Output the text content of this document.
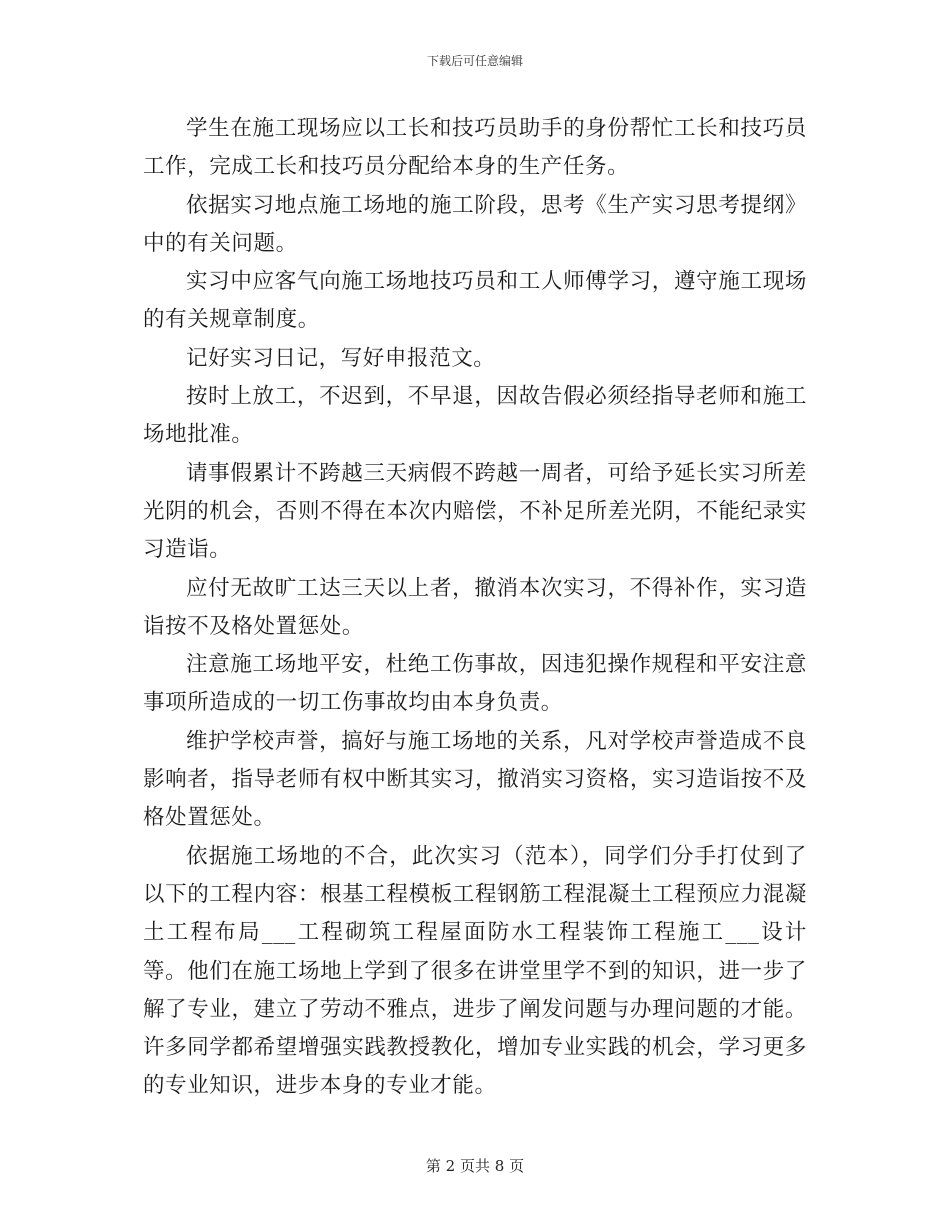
下载后可任意编辑

学生在施工现场应以工长和技巧员助手的身份帮忙工长和技巧员工作，完成工长和技巧员分配给本身的生产任务。

依据实习地点施工场地的施工阶段，思考《生产实习思考提纲》中的有关问题。

实习中应客气向施工场地技巧员和工人师傅学习，遵守施工现场的有关规章制度。

记好实习日记，写好申报范文。

按时上放工，不迟到，不早退，因故告假必须经指导老师和施工场地批准。

请事假累计不跨越三天病假不跨越一周者，可给予延长实习所差光阴的机会，否则不得在本次内赔偿，不补足所差光阴，不能纪录实习造诣。

应付无故旷工达三天以上者，撤消本次实习，不得补作，实习造诣按不及格处置惩处。

注意施工场地平安，杜绝工伤事故，因违犯操作规程和平安注意事项所造成的一切工伤事故均由本身负责。

维护学校声誉，搞好与施工场地的关系，凡对学校声誉造成不良影响者，指导老师有权中断其实习，撤消实习资格，实习造诣按不及格处置惩处。

依据施工场地的不合，此次实习（范本），同学们分手打仗到了以下的工程内容：根基工程模板工程钢筋工程混凝土工程预应力混凝土工程布局___工程砌筑工程屋面防水工程装饰工程施工___设计等。他们在施工场地上学到了很多在讲堂里学不到的知识，进一步了解了专业，建立了劳动不雅点，进步了阐发问题与办理问题的才能。许多同学都希望增强实践教授教化，增加专业实践的机会，学习更多的专业知识，进步本身的专业才能。

第 2 页共 8 页
